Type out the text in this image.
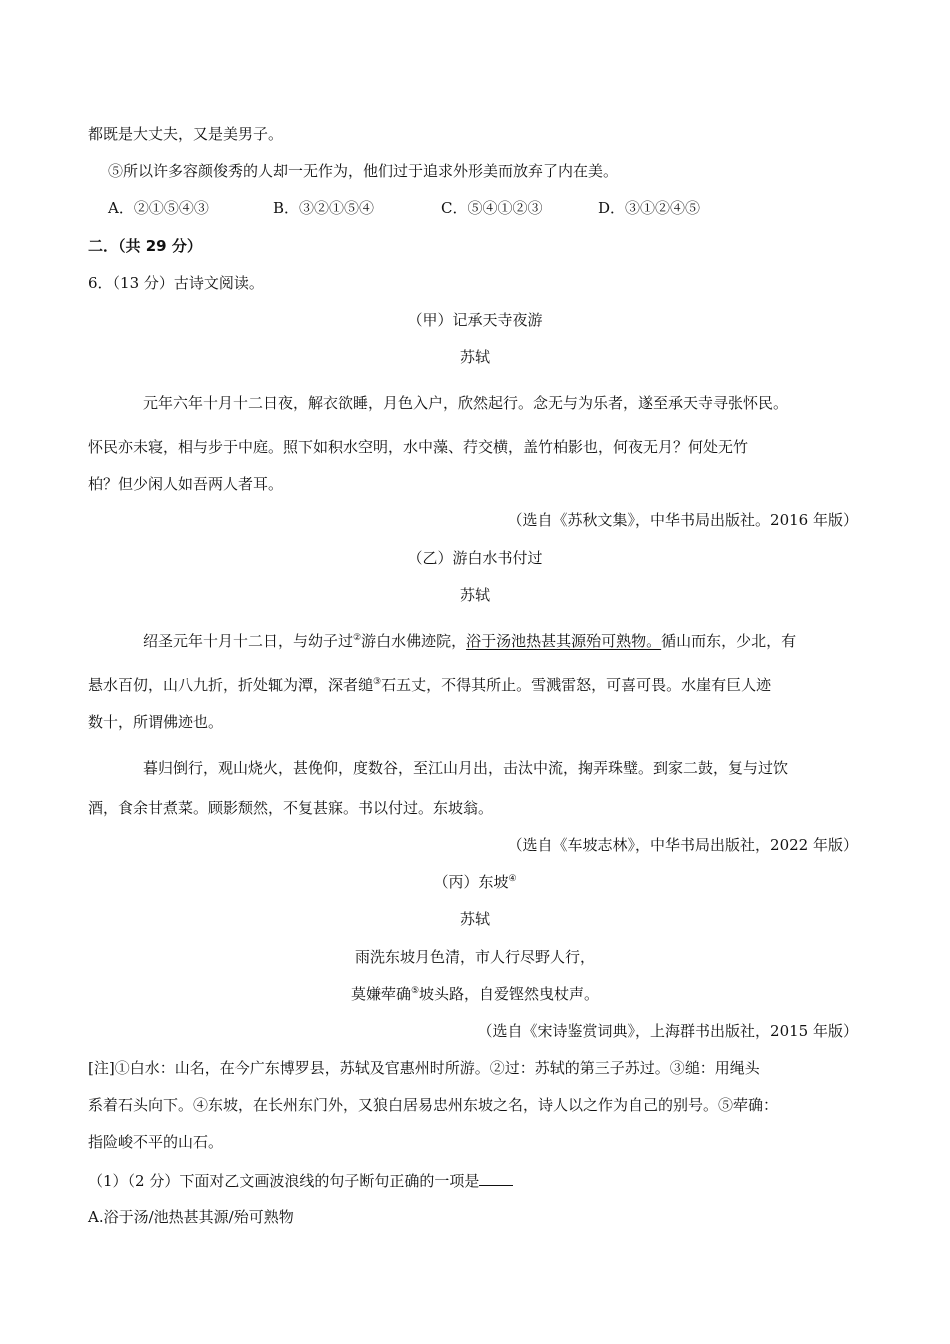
都既是大丈夫，又是美男子。
⑤所以许多容颜俊秀的人却一无作为，他们过于追求外形美而放弃了内在美。
A．②①⑤④③	B．③②①⑤④	C．⑤④①②③	D．③①②④⑤
二．（共 29 分）
6．（13 分）古诗文阅读。
（甲）记承天寺夜游
苏轼
元年六年十月十二日夜，解衣欲睡，月色入户，欣然起行。念无与为乐者，遂至承天寺寻张怀民。
怀民亦未寝，相与步于中庭。照下如积水空明，水中藻、荇交横，盖竹柏影也，何夜无月？何处无竹
柏？但少闲人如吾两人者耳。
（选自《苏秋文集》，中华书局出版社。2016 年版）
（乙）游白水书付过
苏轼
绍圣元年十月十二日，与幼子过②游白水佛迹院，浴于汤池热甚其源殆可熟物。循山而东，少北，有
悬水百仞，山八九折，折处辄为潭，深者缒③石五丈，不得其所止。雪溅雷怒，可喜可畏。水崖有巨人迹
数十，所谓佛迹也。
暮归倒行，观山烧火，甚俛仰，度数谷，至江山月出，击汰中流，掬弄珠璧。到家二鼓，复与过饮
酒，食余甘煮菜。顾影颓然，不复甚寐。书以付过。东坡翁。
（选自《车坡志林》，中华书局出版社，2022 年版）
（丙）东坡④
苏轼
雨洗东坡月色清，市人行尽野人行，
莫嫌荦确⑤坡头路，自爱铿然曳杖声。
（选自《宋诗鉴赏词典》，上海群书出版社，2015 年版）
[注]①白水：山名，在今广东博罗县，苏轼及官惠州时所游。②过：苏轼的第三子苏过。③缒：用绳头
系着石头向下。④东坡，在长州东门外，又狼白居易忠州东坡之名，诗人以之作为自己的别号。⑤荦确：
指险峻不平的山石。
（1）（2 分）下面对乙文画波浪线的句子断句正确的一项是
A.浴于汤/池热甚其源/殆可熟物
